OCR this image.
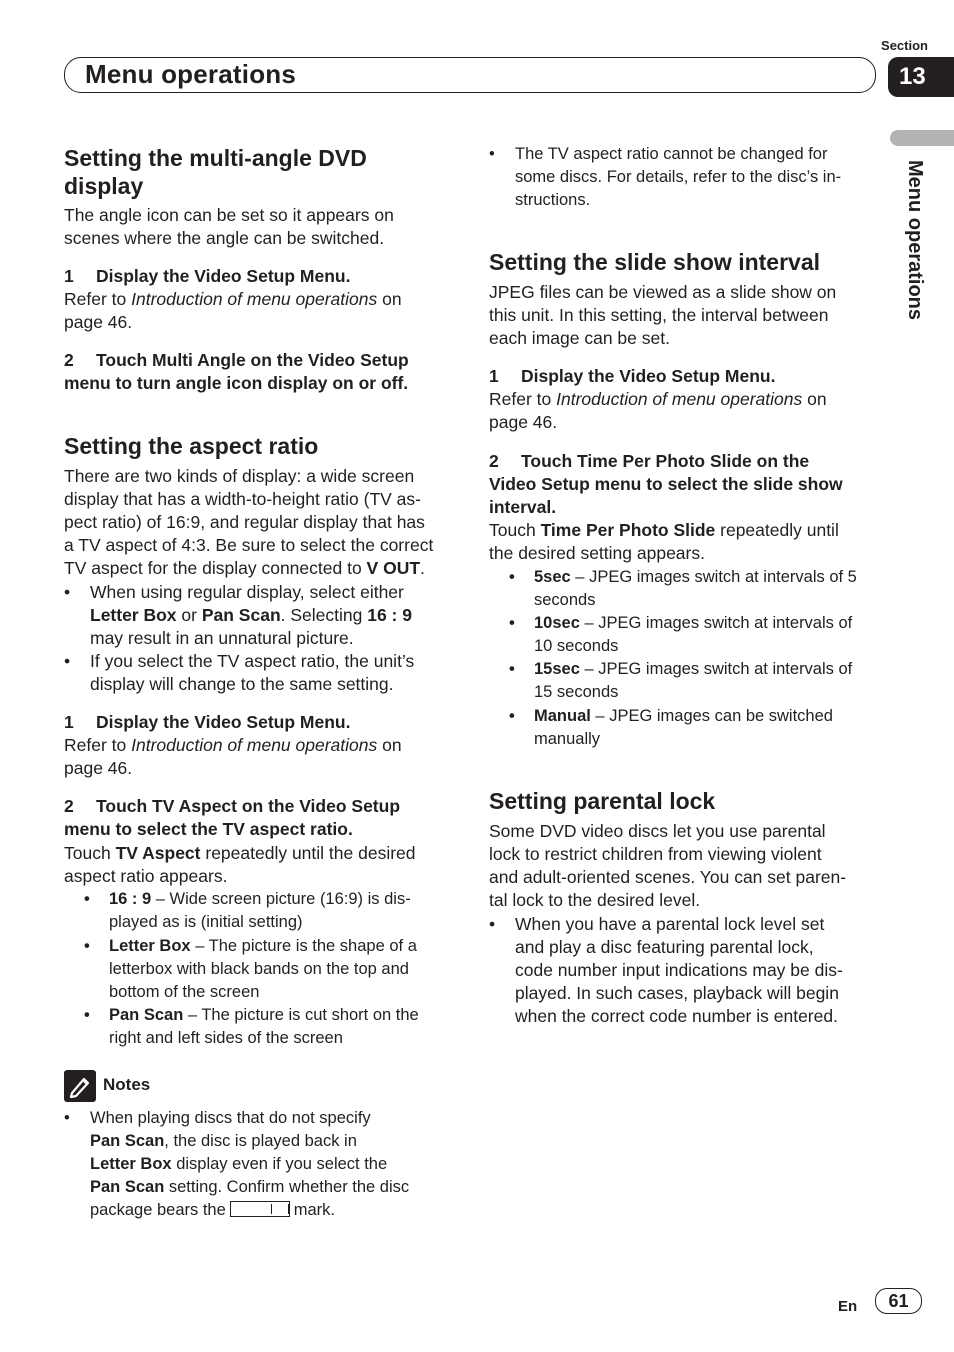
Section
Menu operations	13
Menu operations
Setting the multi-angle DVD
display
The angle icon can be set so it appears on
scenes where the angle can be switched.
1 Display the Video Setup Menu.
Refer to Introduction of menu operations on
page 46.
2 Touch Multi Angle on the Video Setup
menu to turn angle icon display on or off.
Setting the aspect ratio
There are two kinds of display: a wide screen
display that has a width-to-height ratio (TV as-
pect ratio) of 16:9, and regular display that has
a TV aspect of 4:3. Be sure to select the correct
TV aspect for the display connected to V OUT.
•	When using regular display, select either
Letter Box or Pan Scan. Selecting 16 : 9
may result in an unnatural picture.
•	If you select the TV aspect ratio, the unit’s
display will change to the same setting.
1 Display the Video Setup Menu.
Refer to Introduction of menu operations on
page 46.
2 Touch TV Aspect on the Video Setup
menu to select the TV aspect ratio.
Touch TV Aspect repeatedly until the desired
aspect ratio appears.
• 16 : 9 – Wide screen picture (16:9) is dis-
played as is (initial setting)
• Letter Box – The picture is the shape of a
letterbox with black bands on the top and
bottom of the screen
• Pan Scan – The picture is cut short on the
right and left sides of the screen
Notes
•	When playing discs that do not specify
Pan Scan, the disc is played back in
Letter Box display even if you select the
Pan Scan setting. Confirm whether the disc
package bears the	mark.
•	The TV aspect ratio cannot be changed for
some discs. For details, refer to the disc’s in-
structions.
Setting the slide show interval
JPEG files can be viewed as a slide show on
this unit. In this setting, the interval between
each image can be set.
1 Display the Video Setup Menu.
Refer to Introduction of menu operations on
page 46.
2 Touch Time Per Photo Slide on the
Video Setup menu to select the slide show
interval.
Touch Time Per Photo Slide repeatedly until
the desired setting appears.
• 5sec – JPEG images switch at intervals of 5
seconds
• 10sec – JPEG images switch at intervals of
10 seconds
• 15sec – JPEG images switch at intervals of
15 seconds
• Manual – JPEG images can be switched
manually
Setting parental lock
Some DVD video discs let you use parental
lock to restrict children from viewing violent
and adult-oriented scenes. You can set paren-
tal lock to the desired level.
•	When you have a parental lock level set
and play a disc featuring parental lock,
code number input indications may be dis-
played. In such cases, playback will begin
when the correct code number is entered.
En	61
